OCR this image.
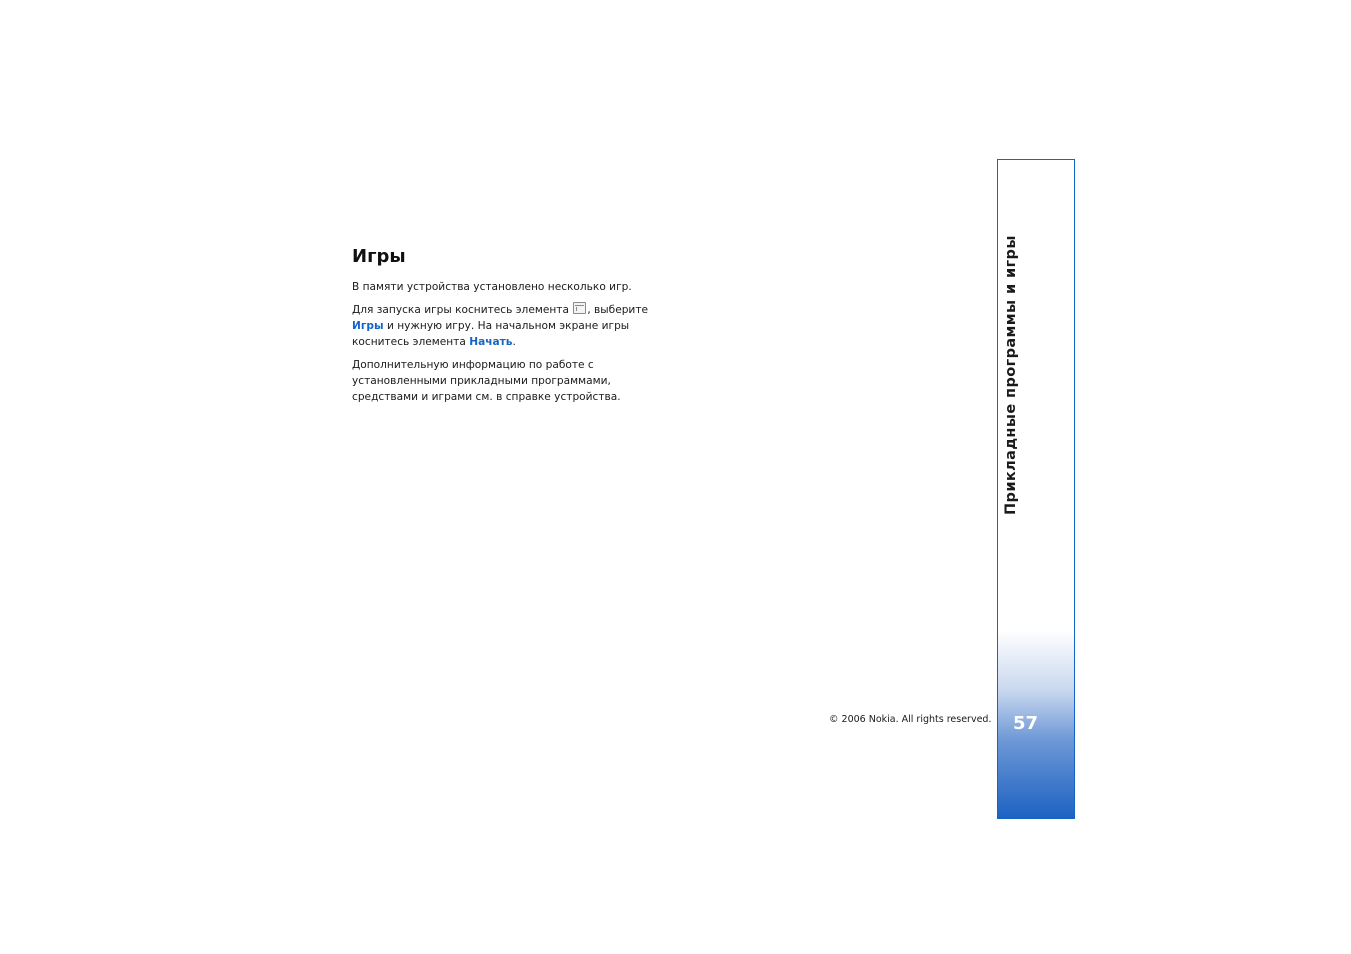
Игры

В памяти устройства установлено несколько игр.

Для запуска игры коснитесь элемента , выберите
Игры и нужную игру. На начальном экране игры коснитесь элемента Начать.

Дополнительную информацию по работе с установленными прикладными программами, средствами и играми см. в справке устройства.

© 2006 Nokia. All rights reserved.
Прикладные программы и игры
57
